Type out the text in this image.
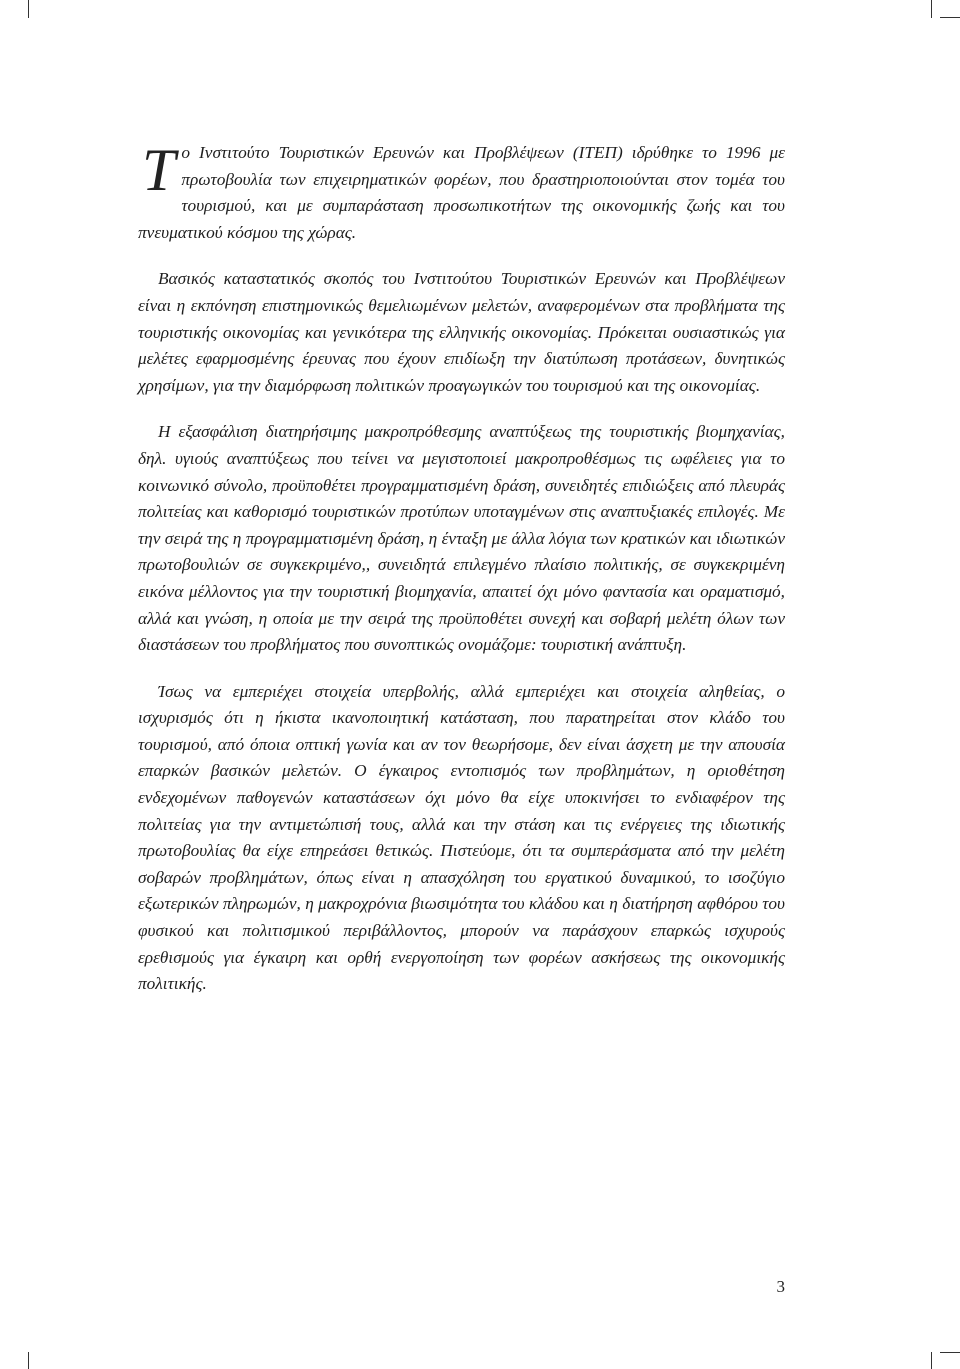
Το Ινστιτούτο Τουριστικών Ερευνών και Προβλέψεων (ΙΤΕΠ) ιδρύθηκε το 1996 με πρωτοβουλία των επιχειρηματικών φορέων, που δραστηριοποιούνται στον τομέα του τουρισμού, και με συμπαράσταση προσωπικοτήτων της οικονομικής ζωής και του πνευματικού κόσμου της χώρας.

Βασικός καταστατικός σκοπός του Ινστιτούτου Τουριστικών Ερευνών και Προβλέψεων είναι η εκπόνηση επιστημονικώς θεμελιωμένων μελετών, αναφερομένων στα προβλήματα της τουριστικής οικονομίας και γενικότερα της ελληνικής οικονομίας. Πρόκειται ουσιαστικώς για μελέτες εφαρμοσμένης έρευνας που έχουν επιδίωξη την διατύπωση προτάσεων, δυνητικώς χρησίμων, για την διαμόρφωση πολιτικών προαγωγικών του τουρισμού και της οικονομίας.

Η εξασφάλιση διατηρήσιμης μακροπρόθεσμης αναπτύξεως της τουριστικής βιομηχανίας, δηλ. υγιούς αναπτύξεως που τείνει να μεγιστοποιεί μακροπροθέσμως τις ωφέλειες για το κοινωνικό σύνολο, προϋποθέτει προγραμματισμένη δράση, συνειδητές επιδιώξεις από πλευράς πολιτείας και καθορισμό τουριστικών προτύπων υποταγμένων στις αναπτυξιακές επιλογές. Με την σειρά της η προγραμματισμένη δράση, η ένταξη με άλλα λόγια των κρατικών και ιδιωτικών πρωτοβουλιών σε συγκεκριμένο,, συνειδητά επιλεγμένο πλαίσιο πολιτικής, σε συγκεκριμένη εικόνα μέλλοντος για την τουριστική βιομηχανία, απαιτεί όχι μόνο φαντασία και οραματισμό, αλλά και γνώση, η οποία με την σειρά της προϋποθέτει συνεχή και σοβαρή μελέτη όλων των διαστάσεων του προβλήματος που συνοπτικώς ονομάζομε: τουριστική ανάπτυξη.

Ίσως να εμπεριέχει στοιχεία υπερβολής, αλλά εμπεριέχει και στοιχεία αληθείας, ο ισχυρισμός ότι η ήκιστα ικανοποιητική κατάσταση, που παρατηρείται στον κλάδο του τουρισμού, από όποια οπτική γωνία και αν τον θεωρήσομε, δεν είναι άσχετη με την απουσία επαρκών βασικών μελετών. Ο έγκαιρος εντοπισμός των προβλημάτων, η οριοθέτηση ενδεχομένων παθογενών καταστάσεων όχι μόνο θα είχε υποκινήσει το ενδιαφέρον της πολιτείας για την αντιμετώπισή τους, αλλά και την στάση και τις ενέργειες της ιδιωτικής πρωτοβουλίας θα είχε επηρεάσει θετικώς. Πιστεύομε, ότι τα συμπεράσματα από την μελέτη σοβαρών προβλημάτων, όπως είναι η απασχόληση του εργατικού δυναμικού, το ισοζύγιο εξωτερικών πληρωμών, η μακροχρόνια βιωσιμότητα του κλάδου και η διατήρηση αφθόρου του φυσικού και πολιτισμικού περιβάλλοντος, μπορούν να παράσχουν επαρκώς ισχυρούς ερεθισμούς για έγκαιρη και ορθή ενεργοποίηση των φορέων ασκήσεως της οικονομικής πολιτικής.

3
